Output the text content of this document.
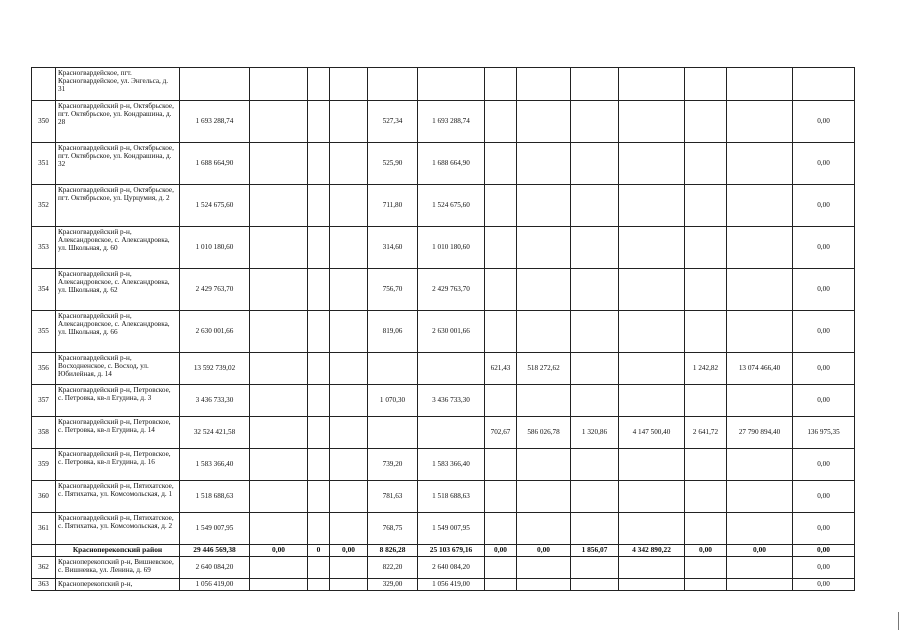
	Красногвардейское, пгт. Красногвардейское, ул. Энгельса, д. 31													
350	Красногвардейский р-н, Октябрьское, пгт. Октябрьское, ул. Кондрашина, д. 28	1 693 288,74				527,34	1 693 288,74							0,00
351	Красногвардейский р-н, Октябрьское, пгт. Октябрьское, ул. Кондрашина, д. 32	1 688 664,90				525,90	1 688 664,90							0,00
352	Красногвардейский р-н, Октябрьское, пгт. Октябрьское, ул. Цурцумия, д. 2	1 524 675,60				711,80	1 524 675,60							0,00
353	Красногвардейский р-н, Александровское, с. Александровка, ул. Школьная, д. 60	1 010 180,60				314,60	1 010 180,60							0,00
354	Красногвардейский р-н, Александровское, с. Александровка, ул. Школьная, д. 62	2 429 763,70				756,70	2 429 763,70							0,00
355	Красногвардейский р-н, Александровское, с. Александровка, ул. Школьная, д. 66	2 630 001,66				819,06	2 630 001,66							0,00
356	Красногвардейский р-н, Восходненское, с. Восход, ул. Юбилейная, д. 14	13 592 739,02						621,43	518 272,62			1 242,82	13 074 466,40	0,00
357	Красногвардейский р-н, Петровское, с. Петровка, кв-л Егудина, д. 3	3 436 733,30				1 070,30	3 436 733,30							0,00
358	Красногвардейский р-н, Петровское, с. Петровка, кв-л Егудина, д. 14	32 524 421,58						702,67	586 026,78	1 320,86	4 147 500,40	2 641,72	27 790 894,40	136 975,35
359	Красногвардейский р-н, Петровское, с. Петровка, кв-л Егудина, д. 16	1 583 366,40				739,20	1 583 366,40							0,00
360	Красногвардейский р-н, Пятихатское, с. Пятихатка, ул. Комсомольская, д. 1	1 518 688,63				781,63	1 518 688,63							0,00
361	Красногвардейский р-н, Пятихатское, с. Пятихатка, ул. Комсомольская, д. 2	1 549 007,95				768,75	1 549 007,95							0,00
	Красноперекопский район	29 446 569,38	0,00	0	0,00	8 826,28	25 103 679,16	0,00	0,00	1 856,07	4 342 890,22	0,00	0,00	0,00
362	Красноперекопский р-н, Вишневское, с. Вишневка, ул. Ленина, д. 69	2 640 084,20				822,20	2 640 084,20							0,00
363	Красноперекопский р-н,	1 056 419,00				329,00	1 056 419,00							0,00
